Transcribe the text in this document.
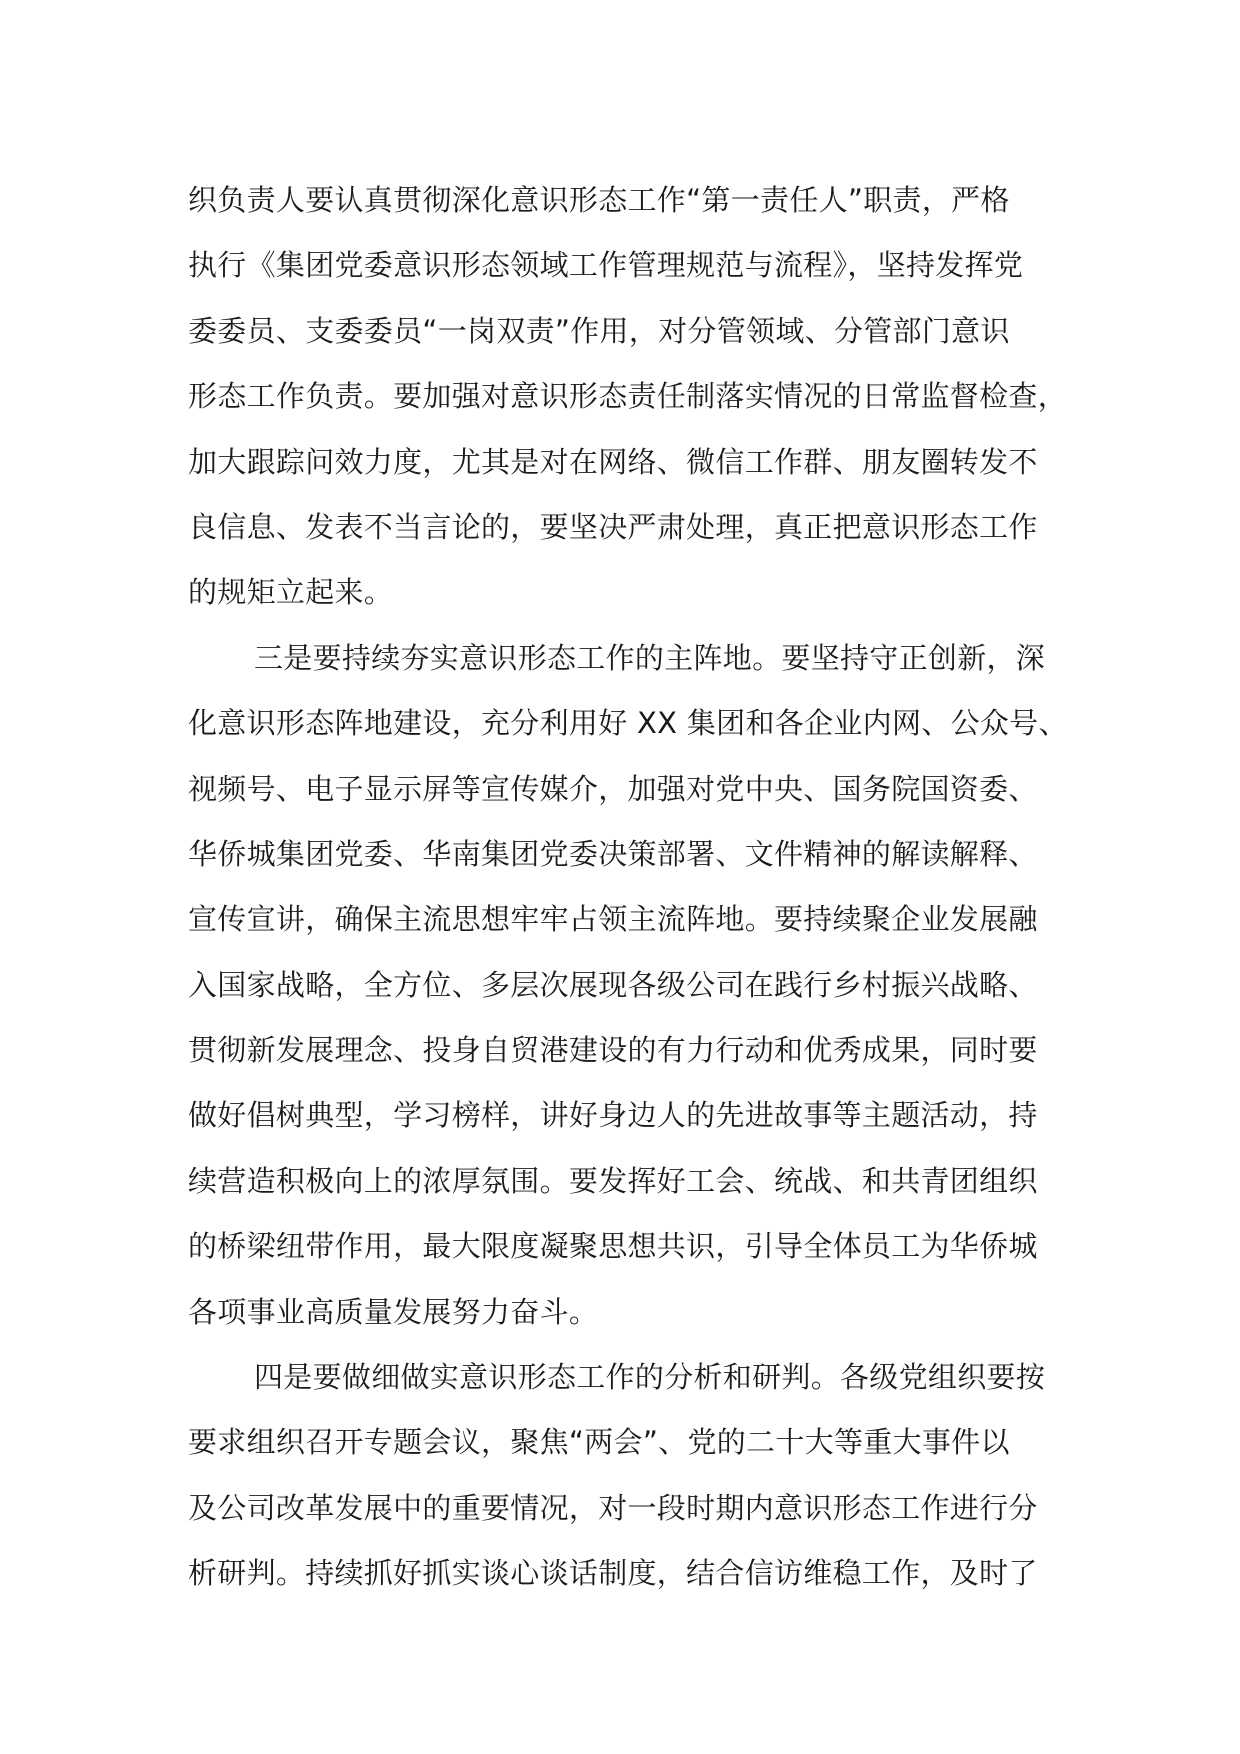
织负责人要认真贯彻深化意识形态工作“第一责任人”职责，严格
执行《集团党委意识形态领域工作管理规范与流程》，坚持发挥党
委委员、支委委员“一岗双责”作用，对分管领域、分管部门意识
形态工作负责。要加强对意识形态责任制落实情况的日常监督检查，
加大跟踪问效力度，尤其是对在网络、微信工作群、朋友圈转发不
良信息、发表不当言论的，要坚决严肃处理，真正把意识形态工作
的规矩立起来。
三是要持续夯实意识形态工作的主阵地。要坚持守正创新，深
化意识形态阵地建设，充分利用好 XX 集团和各企业内网、公众号、
视频号、电子显示屏等宣传媒介，加强对党中央、国务院国资委、
华侨城集团党委、华南集团党委决策部署、文件精神的解读解释、
宣传宣讲，确保主流思想牢牢占领主流阵地。要持续聚企业发展融
入国家战略，全方位、多层次展现各级公司在践行乡村振兴战略、
贯彻新发展理念、投身自贸港建设的有力行动和优秀成果，同时要
做好倡树典型，学习榜样，讲好身边人的先进故事等主题活动，持
续营造积极向上的浓厚氛围。要发挥好工会、统战、和共青团组织
的桥梁纽带作用，最大限度凝聚思想共识，引导全体员工为华侨城
各项事业高质量发展努力奋斗。
四是要做细做实意识形态工作的分析和研判。各级党组织要按
要求组织召开专题会议，聚焦“两会”、党的二十大等重大事件以
及公司改革发展中的重要情况，对一段时期内意识形态工作进行分
析研判。持续抓好抓实谈心谈话制度，结合信访维稳工作，及时了
